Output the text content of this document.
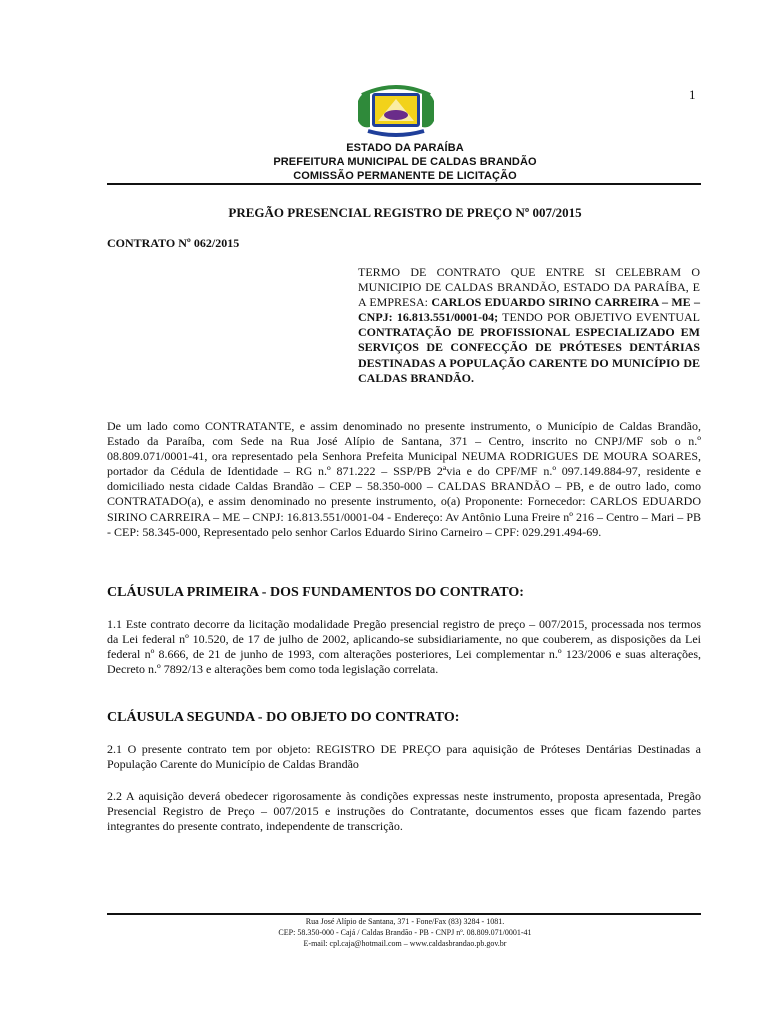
1
ESTADO DA PARAÍBA
PREFEITURA MUNICIPAL DE CALDAS BRANDÃO
COMISSÃO PERMANENTE DE LICITAÇÃO
PREGÃO PRESENCIAL REGISTRO DE PREÇO Nº 007/2015
CONTRATO Nº 062/2015
TERMO DE CONTRATO QUE ENTRE SI CELEBRAM O MUNICIPIO DE CALDAS BRANDÃO, ESTADO DA PARAÍBA, E A EMPRESA: CARLOS EDUARDO SIRINO CARREIRA – ME – CNPJ: 16.813.551/0001-04; TENDO POR OBJETIVO EVENTUAL CONTRATAÇÃO DE PROFISSIONAL ESPECIALIZADO EM SERVIÇOS DE CONFECÇÃO DE PRÓTESES DENTÁRIAS DESTINADAS A POPULAÇÃO CARENTE DO MUNICÍPIO DE CALDAS BRANDÃO.

De um lado como CONTRATANTE, e assim denominado no presente instrumento, o Município de Caldas Brandão, Estado da Paraíba, com Sede na Rua José Alípio de Santana, 371 – Centro, inscrito no CNPJ/MF sob o n.º 08.809.071/0001-41, ora representado pela Senhora Prefeita Municipal NEUMA RODRIGUES DE MOURA SOARES, portador da Cédula de Identidade – RG n.º 871.222 – SSP/PB 2ªvia e do CPF/MF n.º 097.149.884-97, residente e domiciliado nesta cidade Caldas Brandão – CEP – 58.350-000 – CALDAS BRANDÃO – PB, e de outro lado, como CONTRATADO(a), e assim denominado no presente instrumento, o(a) Proponente: Fornecedor: CARLOS EDUARDO SIRINO CARREIRA – ME – CNPJ: 16.813.551/0001-04 - Endereço: Av Antônio Luna Freire nº 216 – Centro – Mari – PB - CEP: 58.345-000, Representado pelo senhor Carlos Eduardo Sirino Carneiro – CPF: 029.291.494-69.

CLÁUSULA PRIMEIRA - DOS FUNDAMENTOS DO CONTRATO:

1.1 Este contrato decorre da licitação modalidade Pregão presencial registro de preço – 007/2015, processada nos termos da Lei federal nº 10.520, de 17 de julho de 2002, aplicando-se subsidiariamente, no que couberem, as disposições da Lei federal nº 8.666, de 21 de junho de 1993, com alterações posteriores, Lei complementar n.º 123/2006 e suas alterações, Decreto n.º 7892/13 e alterações bem como toda legislação correlata.

CLÁUSULA SEGUNDA - DO OBJETO DO CONTRATO:

2.1 O presente contrato tem por objeto: REGISTRO DE PREÇO para aquisição de Próteses Dentárias Destinadas a População Carente do Município de Caldas Brandão

2.2 A aquisição deverá obedecer rigorosamente às condições expressas neste instrumento, proposta apresentada, Pregão Presencial Registro de Preço – 007/2015 e instruções do Contratante, documentos esses que ficam fazendo partes integrantes do presente contrato, independente de transcrição.

Rua José Alípio de Santana, 371 - Fone/Fax (83) 3284 - 1081.
CEP: 58.350-000 - Cajá / Caldas Brandão - PB - CNPJ nº. 08.809.071/0001-41
E-mail: cpl.caja@hotmail.com – www.caldasbrandao.pb.gov.br
